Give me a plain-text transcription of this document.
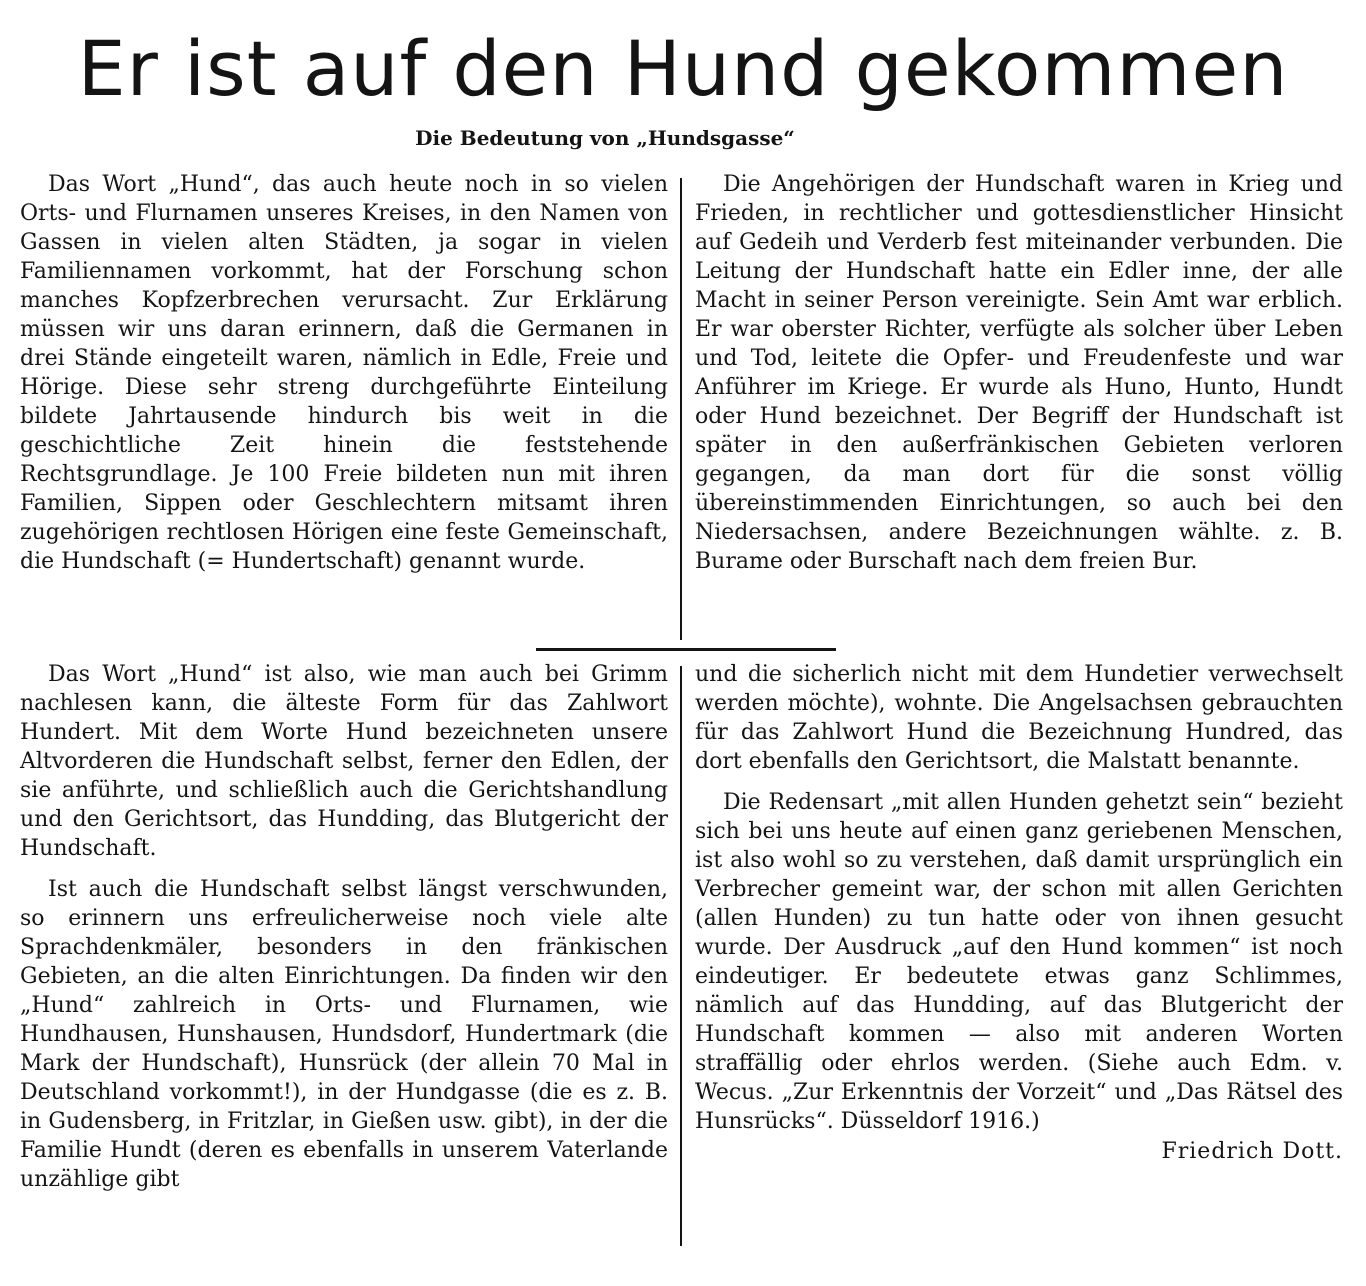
Er ist auf den Hund gekommen
Die Bedeutung von „Hundsgasse“

Das Wort „Hund“, das auch heute noch in so vielen Orts- und Flurnamen unseres Kreises, in den Namen von Gassen in vielen alten Städten, ja sogar in vielen Familiennamen vorkommt, hat der Forschung schon manches Kopfzerbrechen verursacht. Zur Erklärung müssen wir uns daran erinnern, daß die Germanen in drei Stände eingeteilt waren, nämlich in Edle, Freie und Hörige. Diese sehr streng durchgeführte Einteilung bildete Jahrtausende hindurch bis weit in die geschichtliche Zeit hinein die feststehende Rechtsgrundlage. Je 100 Freie bildeten nun mit ihren Familien, Sippen oder Geschlechtern mitsamt ihren zugehörigen rechtlosen Hörigen eine feste Gemeinschaft, die Hundschaft (= Hundertschaft) genannt wurde.

Die Angehörigen der Hundschaft waren in Krieg und Frieden, in rechtlicher und gottesdienstlicher Hinsicht auf Gedeih und Verderb fest miteinander verbunden. Die Leitung der Hundschaft hatte ein Edler inne, der alle Macht in seiner Person vereinigte. Sein Amt war erblich. Er war oberster Richter, verfügte als solcher über Leben und Tod, leitete die Opfer- und Freudenfeste und war Anführer im Kriege. Er wurde als Huno, Hunto, Hundt oder Hund bezeichnet. Der Begriff der Hundschaft ist später in den außerfränkischen Gebieten verloren gegangen, da man dort für die sonst völlig übereinstimmenden Einrichtungen, so auch bei den Niedersachsen, andere Bezeichnungen wählte. z. B. Burame oder Burschaft nach dem freien Bur.

Das Wort „Hund“ ist also, wie man auch bei Grimm nachlesen kann, die älteste Form für das Zahlwort Hundert. Mit dem Worte Hund bezeichneten unsere Altvorderen die Hundschaft selbst, ferner den Edlen, der sie anführte, und schließlich auch die Gerichtshandlung und den Gerichtsort, das Hundding, das Blutgericht der Hundschaft.

Ist auch die Hundschaft selbst längst verschwunden, so erinnern uns erfreulicherweise noch viele alte Sprachdenkmäler, besonders in den fränkischen Gebieten, an die alten Einrichtungen. Da finden wir den „Hund“ zahlreich in Orts- und Flurnamen, wie Hundhausen, Hunshausen, Hundsdorf, Hundertmark (die Mark der Hundschaft), Hunsrück (der allein 70 Mal in Deutschland vorkommt!), in der Hundgasse (die es z. B. in Gudensberg, in Fritzlar, in Gießen usw. gibt), in der die Familie Hundt (deren es ebenfalls in unserem Vaterlande unzählige gibt

und die sicherlich nicht mit dem Hundetier verwechselt werden möchte), wohnte. Die Angelsachsen gebrauchten für das Zahlwort Hund die Bezeichnung Hundred, das dort ebenfalls den Gerichtsort, die Malstatt benannte.

Die Redensart „mit allen Hunden gehetzt sein“ bezieht sich bei uns heute auf einen ganz geriebenen Menschen, ist also wohl so zu verstehen, daß damit ursprünglich ein Verbrecher gemeint war, der schon mit allen Gerichten (allen Hunden) zu tun hatte oder von ihnen gesucht wurde. Der Ausdruck „auf den Hund kommen“ ist noch eindeutiger. Er bedeutete etwas ganz Schlimmes, nämlich auf das Hundding, auf das Blutgericht der Hundschaft kommen — also mit anderen Worten straffällig oder ehrlos werden. (Siehe auch Edm. v. Wecus. „Zur Erkenntnis der Vorzeit“ und „Das Rätsel des Hunsrücks“. Düsseldorf 1916.)

Friedrich Dott.
